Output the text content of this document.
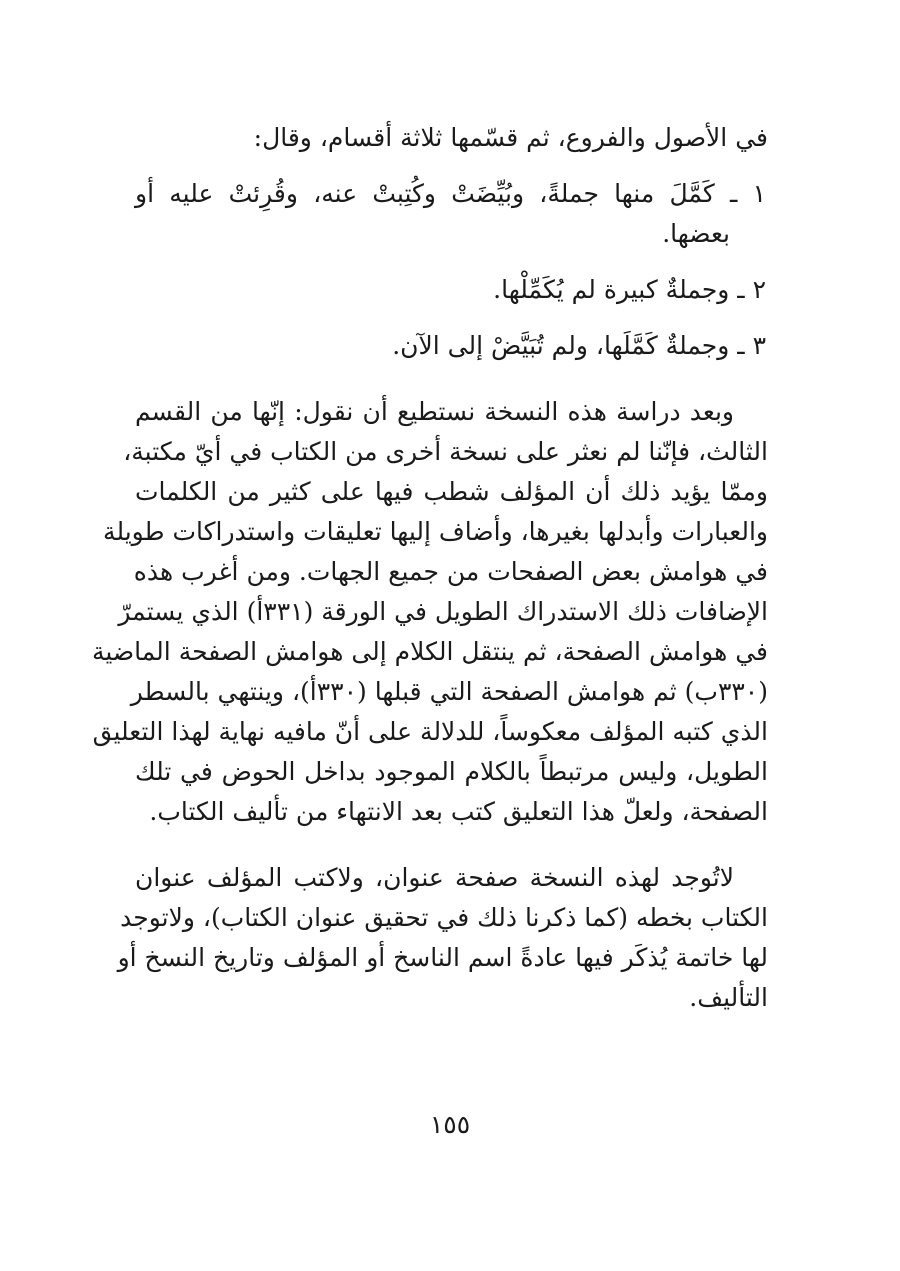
في الأصول والفروع، ثم قسّمها ثلاثة أقسام، وقال:
١ ـ كَمَّلَ منها جملةً، وبُيِّضَتْ وكُتِبتْ عنه، وقُرِئتْ عليه أو
بعضها.
٢ ـ وجملةٌ كبيرة لم يُكَمِّلْها.
٣ ـ وجملةٌ كَمَّلَها، ولم تُبَيَّضْ إلى الآن.
وبعد دراسة هذه النسخة نستطيع أن نقول: إنّها من القسم
الثالث، فإنّنا لم نعثر على نسخة أخرى من الكتاب في أيّ مكتبة،
وممّا يؤيد ذلك أن المؤلف شطب فيها على كثير من الكلمات
والعبارات وأبدلها بغيرها، وأضاف إليها تعليقات واستدراكات طويلة
في هوامش بعض الصفحات من جميع الجهات. ومن أغرب هذه
الإضافات ذلك الاستدراك الطويل في الورقة (٣٣١أ) الذي يستمرّ
في هوامش الصفحة، ثم ينتقل الكلام إلى هوامش الصفحة الماضية
(٣٣٠ب) ثم هوامش الصفحة التي قبلها (٣٣٠أ)، وينتهي بالسطر
الذي كتبه المؤلف معكوساً، للدلالة على أنّ مافيه نهاية لهذا التعليق
الطويل، وليس مرتبطاً بالكلام الموجود بداخل الحوض في تلك
الصفحة، ولعلّ هذا التعليق كتب بعد الانتهاء من تأليف الكتاب.
لاتُوجد لهذه النسخة صفحة عنوان، ولاكتب المؤلف عنوان
الكتاب بخطه (كما ذكرنا ذلك في تحقيق عنوان الكتاب)، ولاتوجد
لها خاتمة يُذكَر فيها عادةً اسم الناسخ أو المؤلف وتاريخ النسخ أو
التأليف.
١٥٥
